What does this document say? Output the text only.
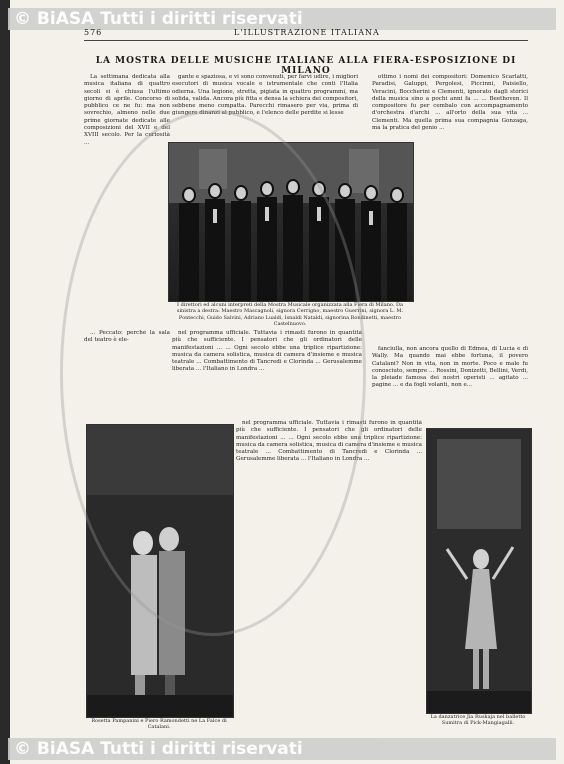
© BiASA Tutti i diritti riservati
576	L'ILLUSTRAZIONE ITALIANA

La settimana dedicata alla musica italiana di quattro secoli si è chiusa l'ultimo giorno di aprile. Concorso di pubblico ce ne fu: ma non sovrechio, almeno nelle due prime giornate dedicate alle composizioni del XVII e del XVIII secolo. Per la curiosità ...

gante e spaziosa, e vi sono convenuti, per farvi udire, i migliori esecutori di musica vocale e istrumentale che conti l'Italia odierna. Una legione, stretta, pigiata in quattro programmi, ma solida, valida. Ancora più fitta e densa la schiera dei compositori, sebbene meno compatta. Parecchi rimasero per via, prima di giungere dinanzi al pubblico, e l'elenco delle perdite si lesse

ottimo i nomi dei compositori: Domenico Scarlatti, Paradisi, Galuppi, Pergolesi, Piccinni, Paisiello, Veracini, Boccherini e Clementi, ignorato dagli storici della musica sino a pochi anni fa ... ... Beethoven. Il compositore fu per cembalo con accompagnamento d'orchestra d'archi ... all'orto della sua vita ... Clementi. Ma quella prima sua compagnia Gonzaga, ma la pratica del genio ...

I direttori ed alcuni interpreti della Mostra Musicale organizzata alla Fiera di Milano. Da sinistra a destra: Maestro Mascagnoli, signora Cerrigno, maestro Guerrini, signora L. M. Pontecchi, Guido Salvini, Adriano Lualdi, Isnaldi Nataldi, signorina Rondinetti, maestro Castelnuovo.

... Peccato: perchè la sala del teatro è ele-

nel programma ufficiale. Tuttavia i rimasti furono in quantità più che sufficiente. I pensatori che gli ordinatori delle manifestazioni ... ... Ogni secolo ebbe una triplice ripartizione: musica da camera solistica, musica di camera d'insieme e musica teatrale ... Combattimento di Tancredi e Clorinda ... Gerusalemme liberata ... l'Italiano in Londra ...

fanciulla, non ancora quello di Edmea, di Lucia e di Wally. Ma quando mai ebbe fortuna, il povero Catalani? Non in vita, non in morte. Poco e male fu conosciuto, sempre ... Rossini, Donizetti, Bellini, Verdi, la pleiade famosa dei nostri operisti ... agitato ... pagine ... e da fogli volanti, non e...

nel programma ufficiale. Tuttavia i rimasti furono in quantità più che sufficiente. I pensatori che gli ordinatori delle manifestazioni ... ... Ogni secolo ebbe una triplice ripartizione: musica da camera solistica, musica di camera d'insieme e musica teatrale ... Combattimento di Tancredi e Clorinda ... Gerusalemme liberata ... l'Italiano in Londra ...

Rosetta Pampanini e Piero Ramondetti ne La Falce di Catalani.
La danzatrice Jia Ruskaja nel balletto Sumitra di Pick-Mangiagalli.
LA MOSTRA DELLE MUSICHE ITALIANE ALLA FIERA-ESPOSIZIONE DI MILANO
© BiASA Tutti i diritti riservati
